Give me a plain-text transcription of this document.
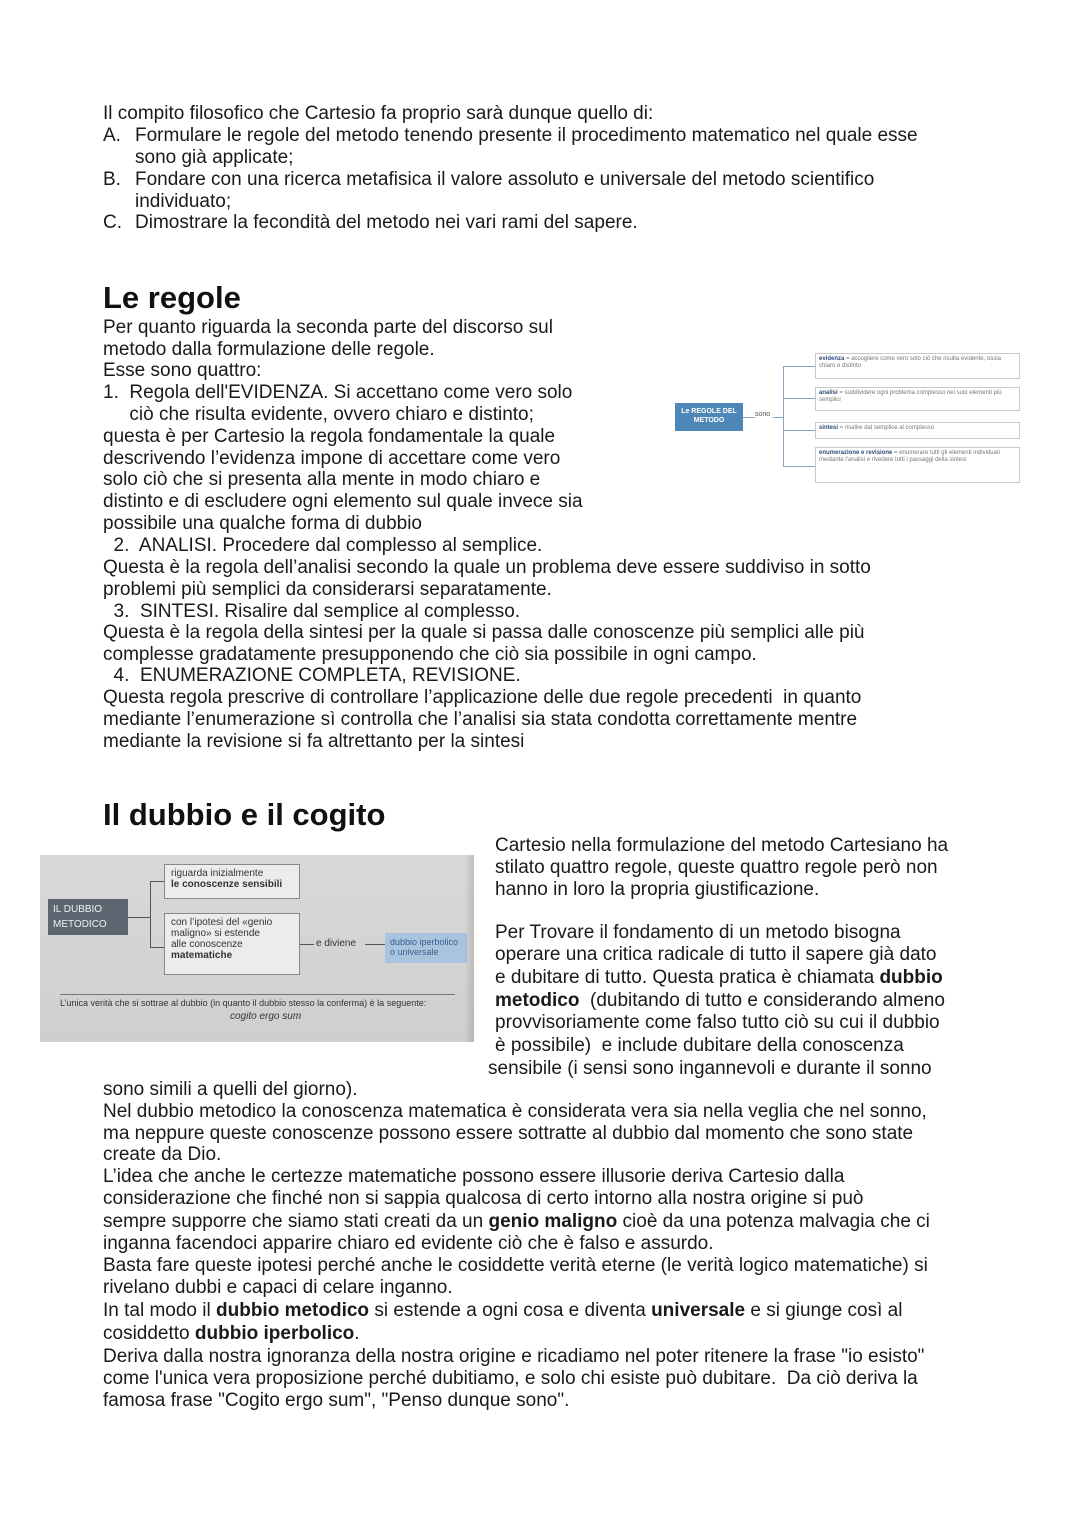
Il compito filosofico che Cartesio fa proprio sarà dunque quello di:
A. Formulare le regole del metodo tenendo presente il procedimento matematico nel quale esse
sono già applicate;
B. Fondare con una ricerca metafisica il valore assoluto e universale del metodo scientifico
individuato;
C. Dimostrare la fecondità del metodo nei vari rami del sapere.
Le regole
Per quanto riguarda la seconda parte del discorso sul
metodo dalla formulazione delle regole.
Esse sono quattro:
1.  Regola dell'EVIDENZA. Si accettano come vero solo
ciò che risulta evidente, ovvero chiaro e distinto;
questa è per Cartesio la regola fondamentale la quale
descrivendo l’evidenza impone di accettare come vero
solo ciò che si presenta alla mente in modo chiaro e
distinto e di escludere ogni elemento sul quale invece sia
possibile una qualche forma di dubbio
2.  ANALISI. Procedere dal complesso al semplice.
Questa è la regola dell’analisi secondo la quale un problema deve essere suddiviso in sotto
problemi più semplici da considerarsi separatamente.
3.  SINTESI. Risalire dal semplice al complesso.
Questa è la regola della sintesi per la quale si passa dalle conoscenze più semplici alle più
complesse gradatamente presupponendo che ciò sia possibile in ogni campo.
4.  ENUMERAZIONE COMPLETA, REVISIONE.
Questa regola prescrive di controllare l’applicazione delle due regole precedenti  in quanto
mediante l’enumerazione sì controlla che l’analisi sia stata condotta correttamente mentre
mediante la revisione si fa altrettanto per la sintesi
Le REGOLE DEL METODO
sono
evidenza = accogliere come vero solo ciò che risulta evidente, ossia chiaro e distinto
analisi = suddividere ogni problema complesso nei suoi elementi più semplici
sintesi = risalire dal semplice al complesso
enumerazione e revisione = enumerare tutti gli elementi individuati mediante l’analisi e rivedere tutti i passaggi della sintesi
Il dubbio e il cogito
IL DUBBIO METODICO
riguarda inizialmente
le conoscenze sensibili
con l’ipotesi del «genio
maligno» si estende
alle conoscenze
matematiche
e diviene	dubbio iperbolico
o universale
L’unica verità che si sottrae al dubbio (in quanto il dubbio stesso la conferma) è la seguente:
cogito ergo sum
Cartesio nella formulazione del metodo Cartesiano ha
stilato quattro regole, queste quattro regole però non
hanno in loro la propria giustificazione.
Per Trovare il fondamento di un metodo bisogna
operare una critica radicale di tutto il sapere già dato
e dubitare di tutto. Questa pratica è chiamata dubbio
metodico  (dubitando di tutto e considerando almeno
provvisoriamente come falso tutto ciò su cui il dubbio
è possibile)  e include dubitare della conoscenza
sensibile (i sensi sono ingannevoli e durante il sonno
sono simili a quelli del giorno).
Nel dubbio metodico la conoscenza matematica è considerata vera sia nella veglia che nel sonno,
ma neppure queste conoscenze possono essere sottratte al dubbio dal momento che sono state
create da Dio.
L’idea che anche le certezze matematiche possono essere illusorie deriva Cartesio dalla
considerazione che finché non si sappia qualcosa di certo intorno alla nostra origine si può
sempre supporre che siamo stati creati da un genio maligno cioè da una potenza malvagia che ci
inganna facendoci apparire chiaro ed evidente ciò che è falso e assurdo.
Basta fare queste ipotesi perché anche le cosiddette verità eterne (le verità logico matematiche) si
rivelano dubbi e capaci di celare inganno.
In tal modo il dubbio metodico si estende a ogni cosa e diventa universale e si giunge così al
cosiddetto dubbio iperbolico.
Deriva dalla nostra ignoranza della nostra origine e ricadiamo nel poter ritenere la frase "io esisto"
come l'unica vera proposizione perché dubitiamo, e solo chi esiste può dubitare.  Da ciò deriva la
famosa frase "Cogito ergo sum", "Penso dunque sono".
